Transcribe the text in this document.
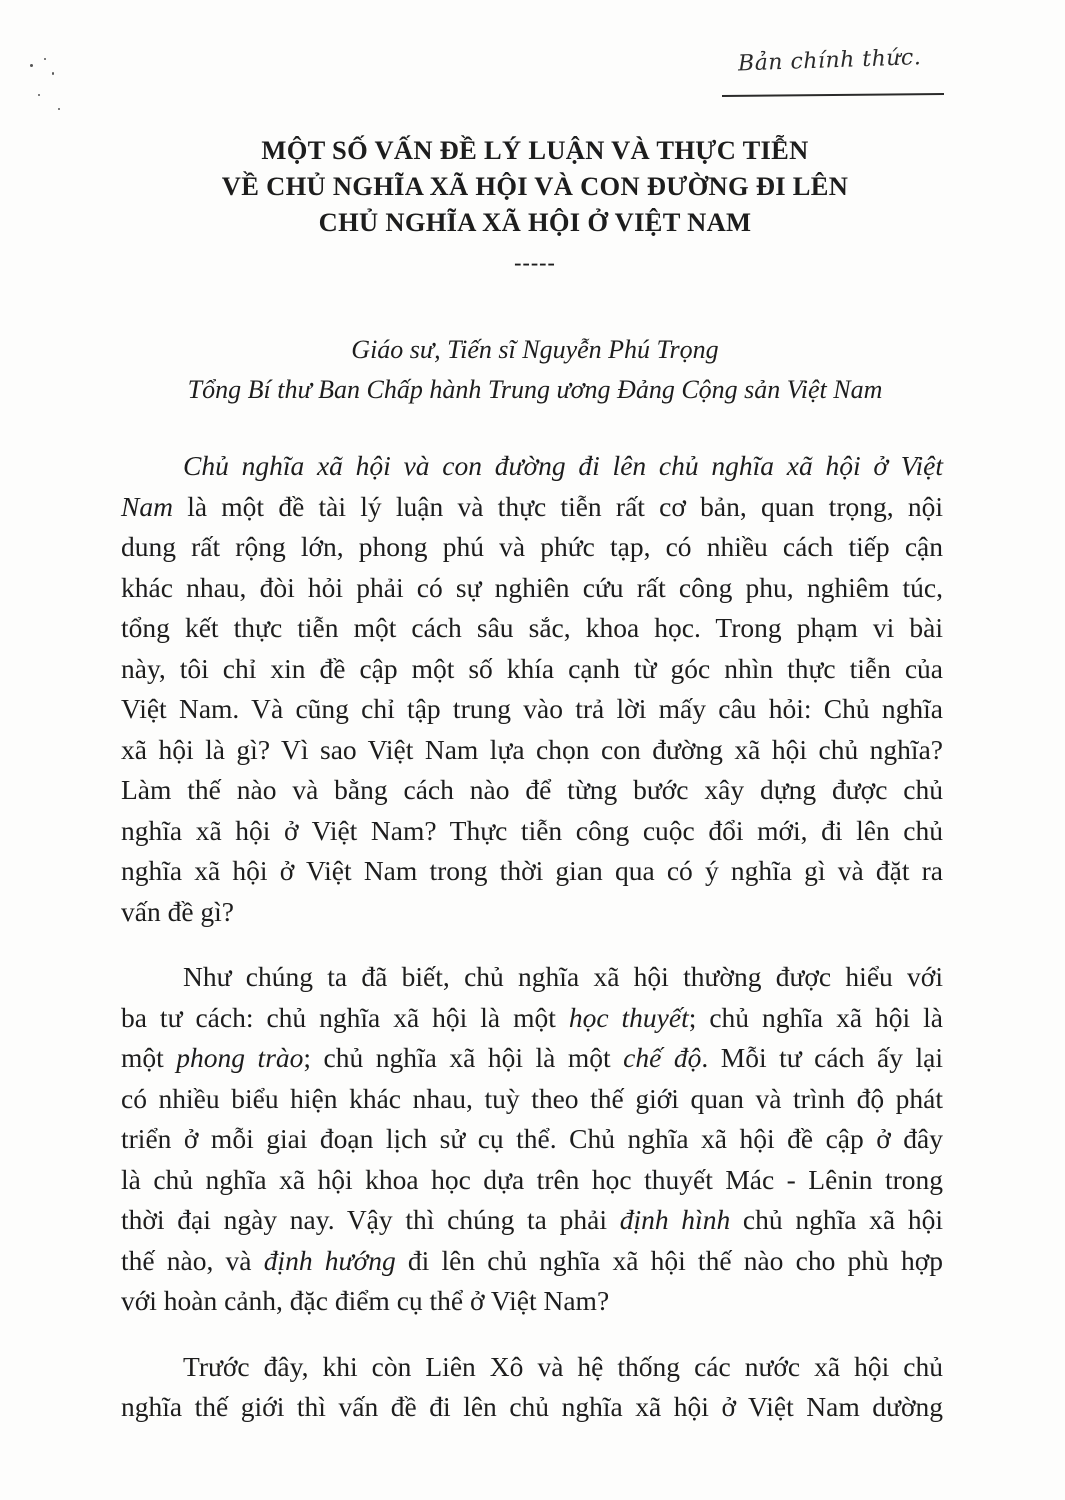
Bản chính thức.
MỘT SỐ VẤN ĐỀ LÝ LUẬN VÀ THỰC TIỄN
VỀ CHỦ NGHĨA XÃ HỘI VÀ CON ĐƯỜNG ĐI LÊN
CHỦ NGHĨA XÃ HỘI Ở VIỆT NAM
-----
Giáo sư, Tiến sĩ Nguyễn Phú Trọng
Tổng Bí thư Ban Chấp hành Trung ương Đảng Cộng sản Việt Nam

Chủ nghĩa xã hội và con đường đi lên chủ nghĩa xã hội ở Việt
Nam là một đề tài lý luận và thực tiễn rất cơ bản, quan trọng, nội
dung rất rộng lớn, phong phú và phức tạp, có nhiều cách tiếp cận
khác nhau, đòi hỏi phải có sự nghiên cứu rất công phu, nghiêm túc,
tổng kết thực tiễn một cách sâu sắc, khoa học. Trong phạm vi bài
này, tôi chỉ xin đề cập một số khía cạnh từ góc nhìn thực tiễn của
Việt Nam. Và cũng chỉ tập trung vào trả lời mấy câu hỏi: Chủ nghĩa
xã hội là gì? Vì sao Việt Nam lựa chọn con đường xã hội chủ nghĩa?
Làm thế nào và bằng cách nào để từng bước xây dựng được chủ
nghĩa xã hội ở Việt Nam? Thực tiễn công cuộc đổi mới, đi lên chủ
nghĩa xã hội ở Việt Nam trong thời gian qua có ý nghĩa gì và đặt ra
vấn đề gì?

Như chúng ta đã biết, chủ nghĩa xã hội thường được hiểu với
ba tư cách: chủ nghĩa xã hội là một học thuyết; chủ nghĩa xã hội là
một phong trào; chủ nghĩa xã hội là một chế độ. Mỗi tư cách ấy lại
có nhiều biểu hiện khác nhau, tuỳ theo thế giới quan và trình độ phát
triển ở mỗi giai đoạn lịch sử cụ thể. Chủ nghĩa xã hội đề cập ở đây
là chủ nghĩa xã hội khoa học dựa trên học thuyết Mác - Lênin trong
thời đại ngày nay. Vậy thì chúng ta phải định hình chủ nghĩa xã hội
thế nào, và định hướng đi lên chủ nghĩa xã hội thế nào cho phù hợp
với hoàn cảnh, đặc điểm cụ thể ở Việt Nam?

Trước đây, khi còn Liên Xô và hệ thống các nước xã hội chủ
nghĩa thế giới thì vấn đề đi lên chủ nghĩa xã hội ở Việt Nam dường
